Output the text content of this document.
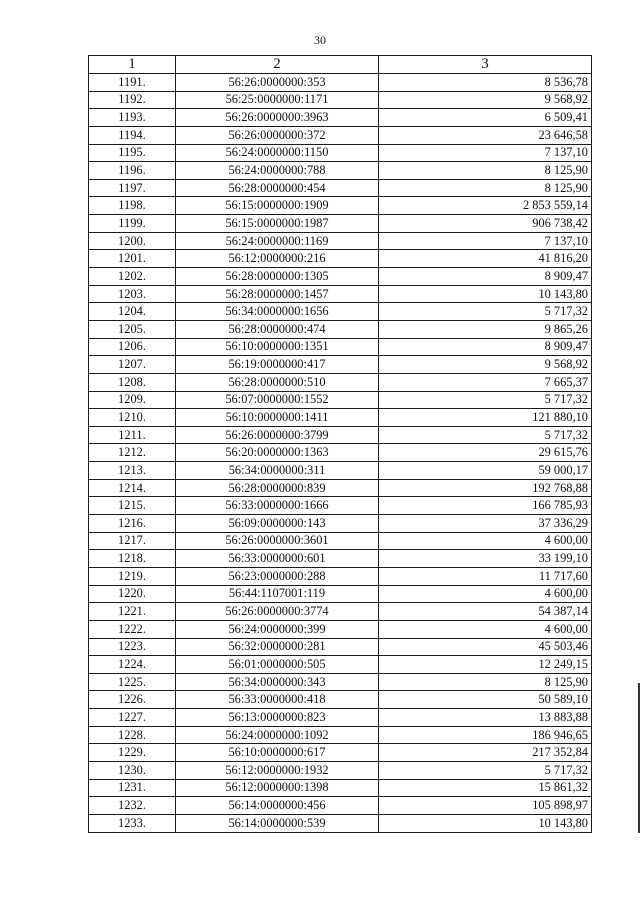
30
1	2	3
1191.	56:26:0000000:353	8 536,78
1192.	56:25:0000000:1171	9 568,92
1193.	56:26:0000000:3963	6 509,41
1194.	56:26:0000000:372	23 646,58
1195.	56:24:0000000:1150	7 137,10
1196.	56:24:0000000:788	8 125,90
1197.	56:28:0000000:454	8 125,90
1198.	56:15:0000000:1909	2 853 559,14
1199.	56:15:0000000:1987	906 738,42
1200.	56:24:0000000:1169	7 137,10
1201.	56:12:0000000:216	41 816,20
1202.	56:28:0000000:1305	8 909,47
1203.	56:28:0000000:1457	10 143,80
1204.	56:34:0000000:1656	5 717,32
1205.	56:28:0000000:474	9 865,26
1206.	56:10:0000000:1351	8 909,47
1207.	56:19:0000000:417	9 568,92
1208.	56:28:0000000:510	7 665,37
1209.	56:07:0000000:1552	5 717,32
1210.	56:10:0000000:1411	121 880,10
1211.	56:26:0000000:3799	5 717,32
1212.	56:20:0000000:1363	29 615,76
1213.	56:34:0000000:311	59 000,17
1214.	56:28:0000000:839	192 768,88
1215.	56:33:0000000:1666	166 785,93
1216.	56:09:0000000:143	37 336,29
1217.	56:26:0000000:3601	4 600,00
1218.	56:33:0000000:601	33 199,10
1219.	56:23:0000000:288	11 717,60
1220.	56:44:1107001:119	4 600,00
1221.	56:26:0000000:3774	54 387,14
1222.	56:24:0000000:399	4 600,00
1223.	56:32:0000000:281	45 503,46
1224.	56:01:0000000:505	12 249,15
1225.	56:34:0000000:343	8 125,90
1226.	56:33:0000000:418	50 589,10
1227.	56:13:0000000:823	13 883,88
1228.	56:24:0000000:1092	186 946,65
1229.	56:10:0000000:617	217 352,84
1230.	56:12:0000000:1932	5 717,32
1231.	56:12:0000000:1398	15 861,32
1232.	56:14:0000000:456	105 898,97
1233.	56:14:0000000:539	10 143,80
